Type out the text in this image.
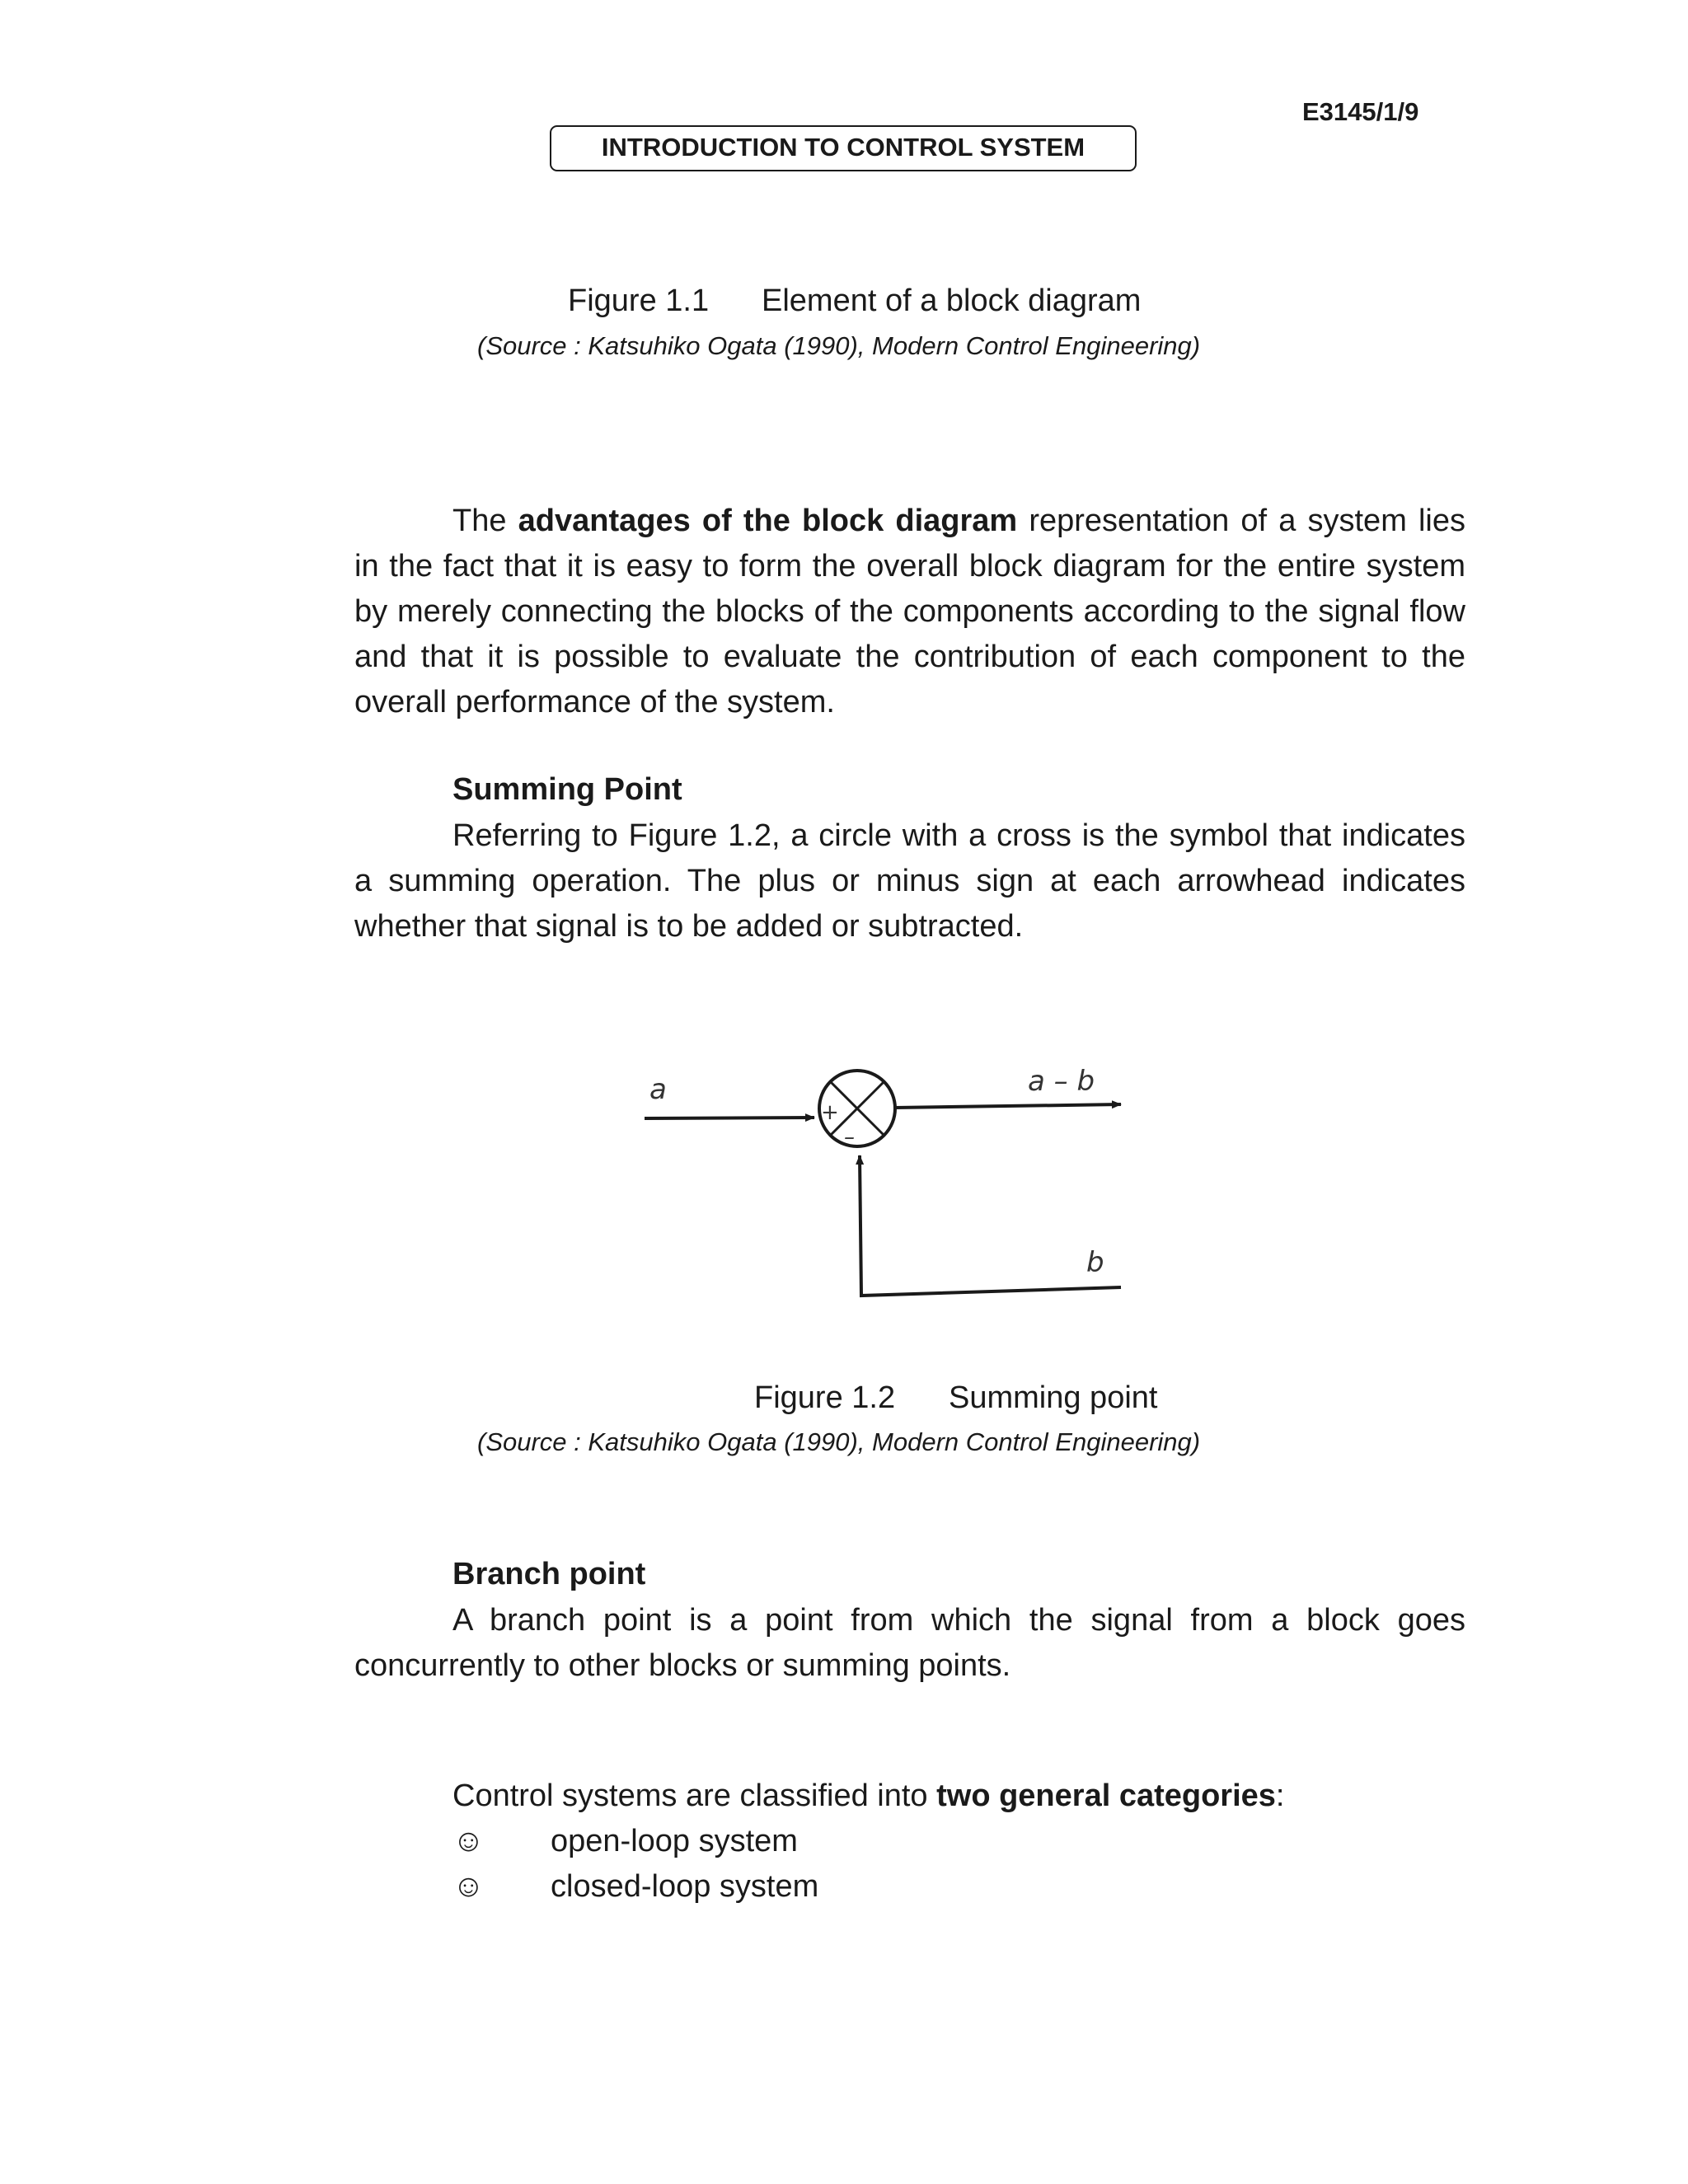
E3145/1/9
INTRODUCTION TO CONTROL SYSTEM
Figure 1.1 Element of a block diagram
(Source : Katsuhiko Ogata (1990), Modern Control Engineering)

The advantages of the block diagram representation of a system lies in the fact that it is easy to form the overall block diagram for the entire system by merely connecting the blocks of the components according to the signal flow and that it is possible to evaluate the contribution of each component to the overall performance of the system.

Summing Point

Referring to Figure 1.2, a circle with a cross is the symbol that indicates a summing operation. The plus or minus sign at each arrowhead indicates whether that signal is to be added or subtracted.

a	a – b
b
+
–
Figure 1.2 Summing point
(Source : Katsuhiko Ogata (1990), Modern Control Engineering)
Branch point

A branch point is a point from which the signal from a block goes concurrently to other blocks or summing points.

Control systems are classified into two general categories:
☺ open-loop system
☺ closed-loop system
